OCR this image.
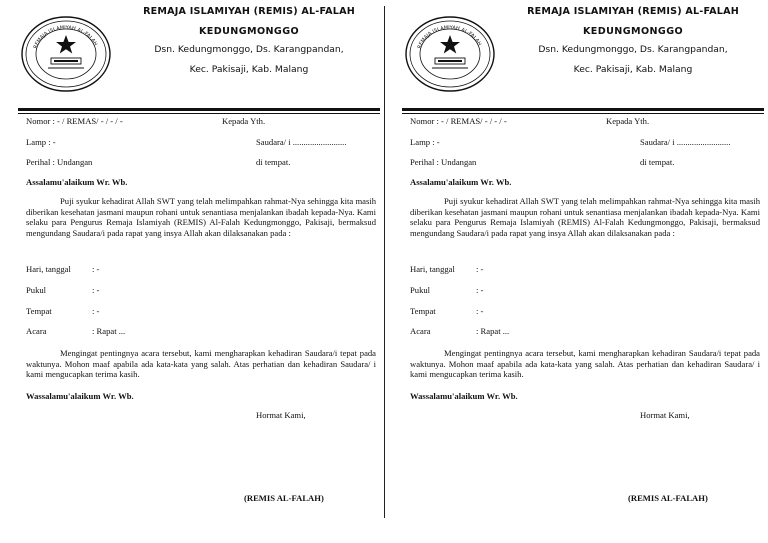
REMAJA ISLAMIYAH AL-FALAH
REMAJA ISLAMIYAH (REMIS) AL-FALAH
KEDUNGMONGGO
Dsn. Kedungmonggo, Ds. Karangpandan,
Kec. Pakisaji, Kab. Malang
Nomor : - / REMAS/ - / - / -	Kepada Yth.
Lamp : -	Saudara/ i .........................
Perihal : Undangan	di tempat.
Assalamu'alaikum Wr. Wb.
Puji syukur kehadirat Allah SWT yang telah melimpahkan rahmat-Nya sehingga kita masih diberikan kesehatan jasmani maupun rohani untuk senantiasa menjalankan ibadah kepada-Nya. Kami selaku para Pengurus Remaja Islamiyah (REMIS) Al-Falah Kedungmonggo, Pakisaji, bermaksud mengundang Saudara/i pada rapat yang insya Allah akan dilaksanakan pada :
Hari, tanggal : -
Pukul	: -
Tempat	: -
Acara	: Rapat ...
Mengingat pentingnya acara tersebut, kami mengharapkan kehadiran Saudara/i tepat pada waktunya. Mohon maaf apabila ada kata-kata yang salah. Atas perhatian dan kehadiran Saudara/ i kami mengucapkan terima kasih.
Wassalamu'alaikum Wr. Wb.
Hormat Kami,
(REMIS AL-FALAH)
REMAJA ISLAMIYAH AL-FALAH
REMAJA ISLAMIYAH (REMIS) AL-FALAH
KEDUNGMONGGO
Dsn. Kedungmonggo, Ds. Karangpandan,
Kec. Pakisaji, Kab. Malang
Nomor : - / REMAS/ - / - / -	Kepada Yth.
Lamp : -	Saudara/ i .........................
Perihal : Undangan	di tempat.
Assalamu'alaikum Wr. Wb.
Puji syukur kehadirat Allah SWT yang telah melimpahkan rahmat-Nya sehingga kita masih diberikan kesehatan jasmani maupun rohani untuk senantiasa menjalankan ibadah kepada-Nya. Kami selaku para Pengurus Remaja Islamiyah (REMIS) Al-Falah Kedungmonggo, Pakisaji, bermaksud mengundang Saudara/i pada rapat yang insya Allah akan dilaksanakan pada :
Hari, tanggal : -
Pukul	: -
Tempat	: -
Acara	: Rapat ...
Mengingat pentingnya acara tersebut, kami mengharapkan kehadiran Saudara/i tepat pada waktunya. Mohon maaf apabila ada kata-kata yang salah. Atas perhatian dan kehadiran Saudara/ i kami mengucapkan terima kasih.
Wassalamu'alaikum Wr. Wb.
Hormat Kami,
(REMIS AL-FALAH)
